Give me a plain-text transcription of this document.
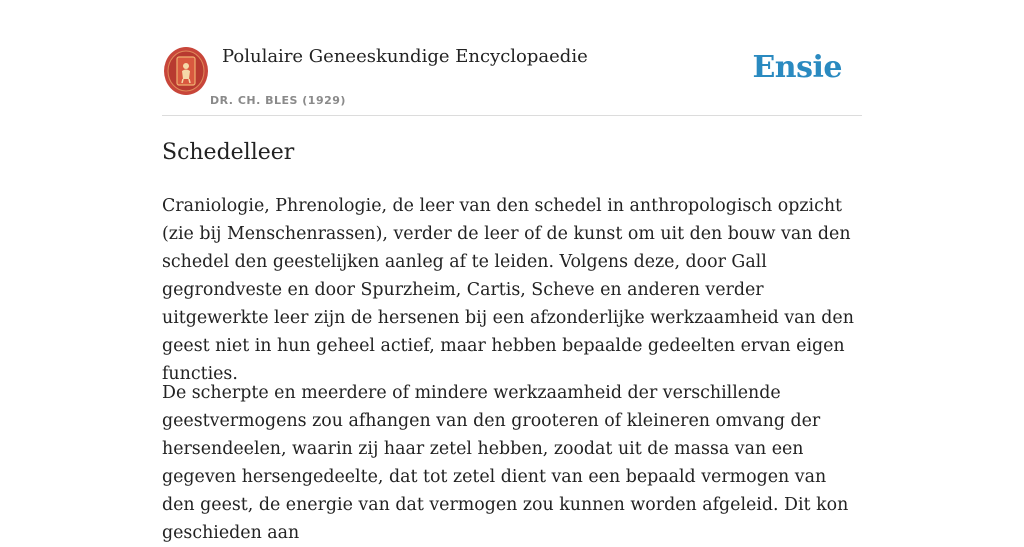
Polulaire Geneeskundige Encyclopaedie
DR. CH. BLES (1929)
Ensie
Schedelleer

Craniologie, Phrenologie, de leer van den schedel in anthropologisch opzicht (zie bij Menschenrassen), verder de leer of de kunst om uit den bouw van den schedel den geestelijken aanleg af te leiden. Volgens deze, door Gall gegrondveste en door Spurzheim, Cartis, Scheve en anderen verder uitgewerkte leer zijn de hersenen bij een afzonderlijke werkzaamheid van den geest niet in hun geheel actief, maar hebben bepaalde gedeelten ervan eigen functies.

De scherpte en meerdere of mindere werkzaamheid der verschillende geestvermogens zou afhangen van den grooteren of kleineren omvang der hersendeelen, waarin zij haar zetel hebben, zoodat uit de massa van een gegeven hersengedeelte, dat tot zetel dient van een bepaald vermogen van den geest, de energie van dat vermogen zou kunnen worden afgeleid. Dit kon geschieden aan
